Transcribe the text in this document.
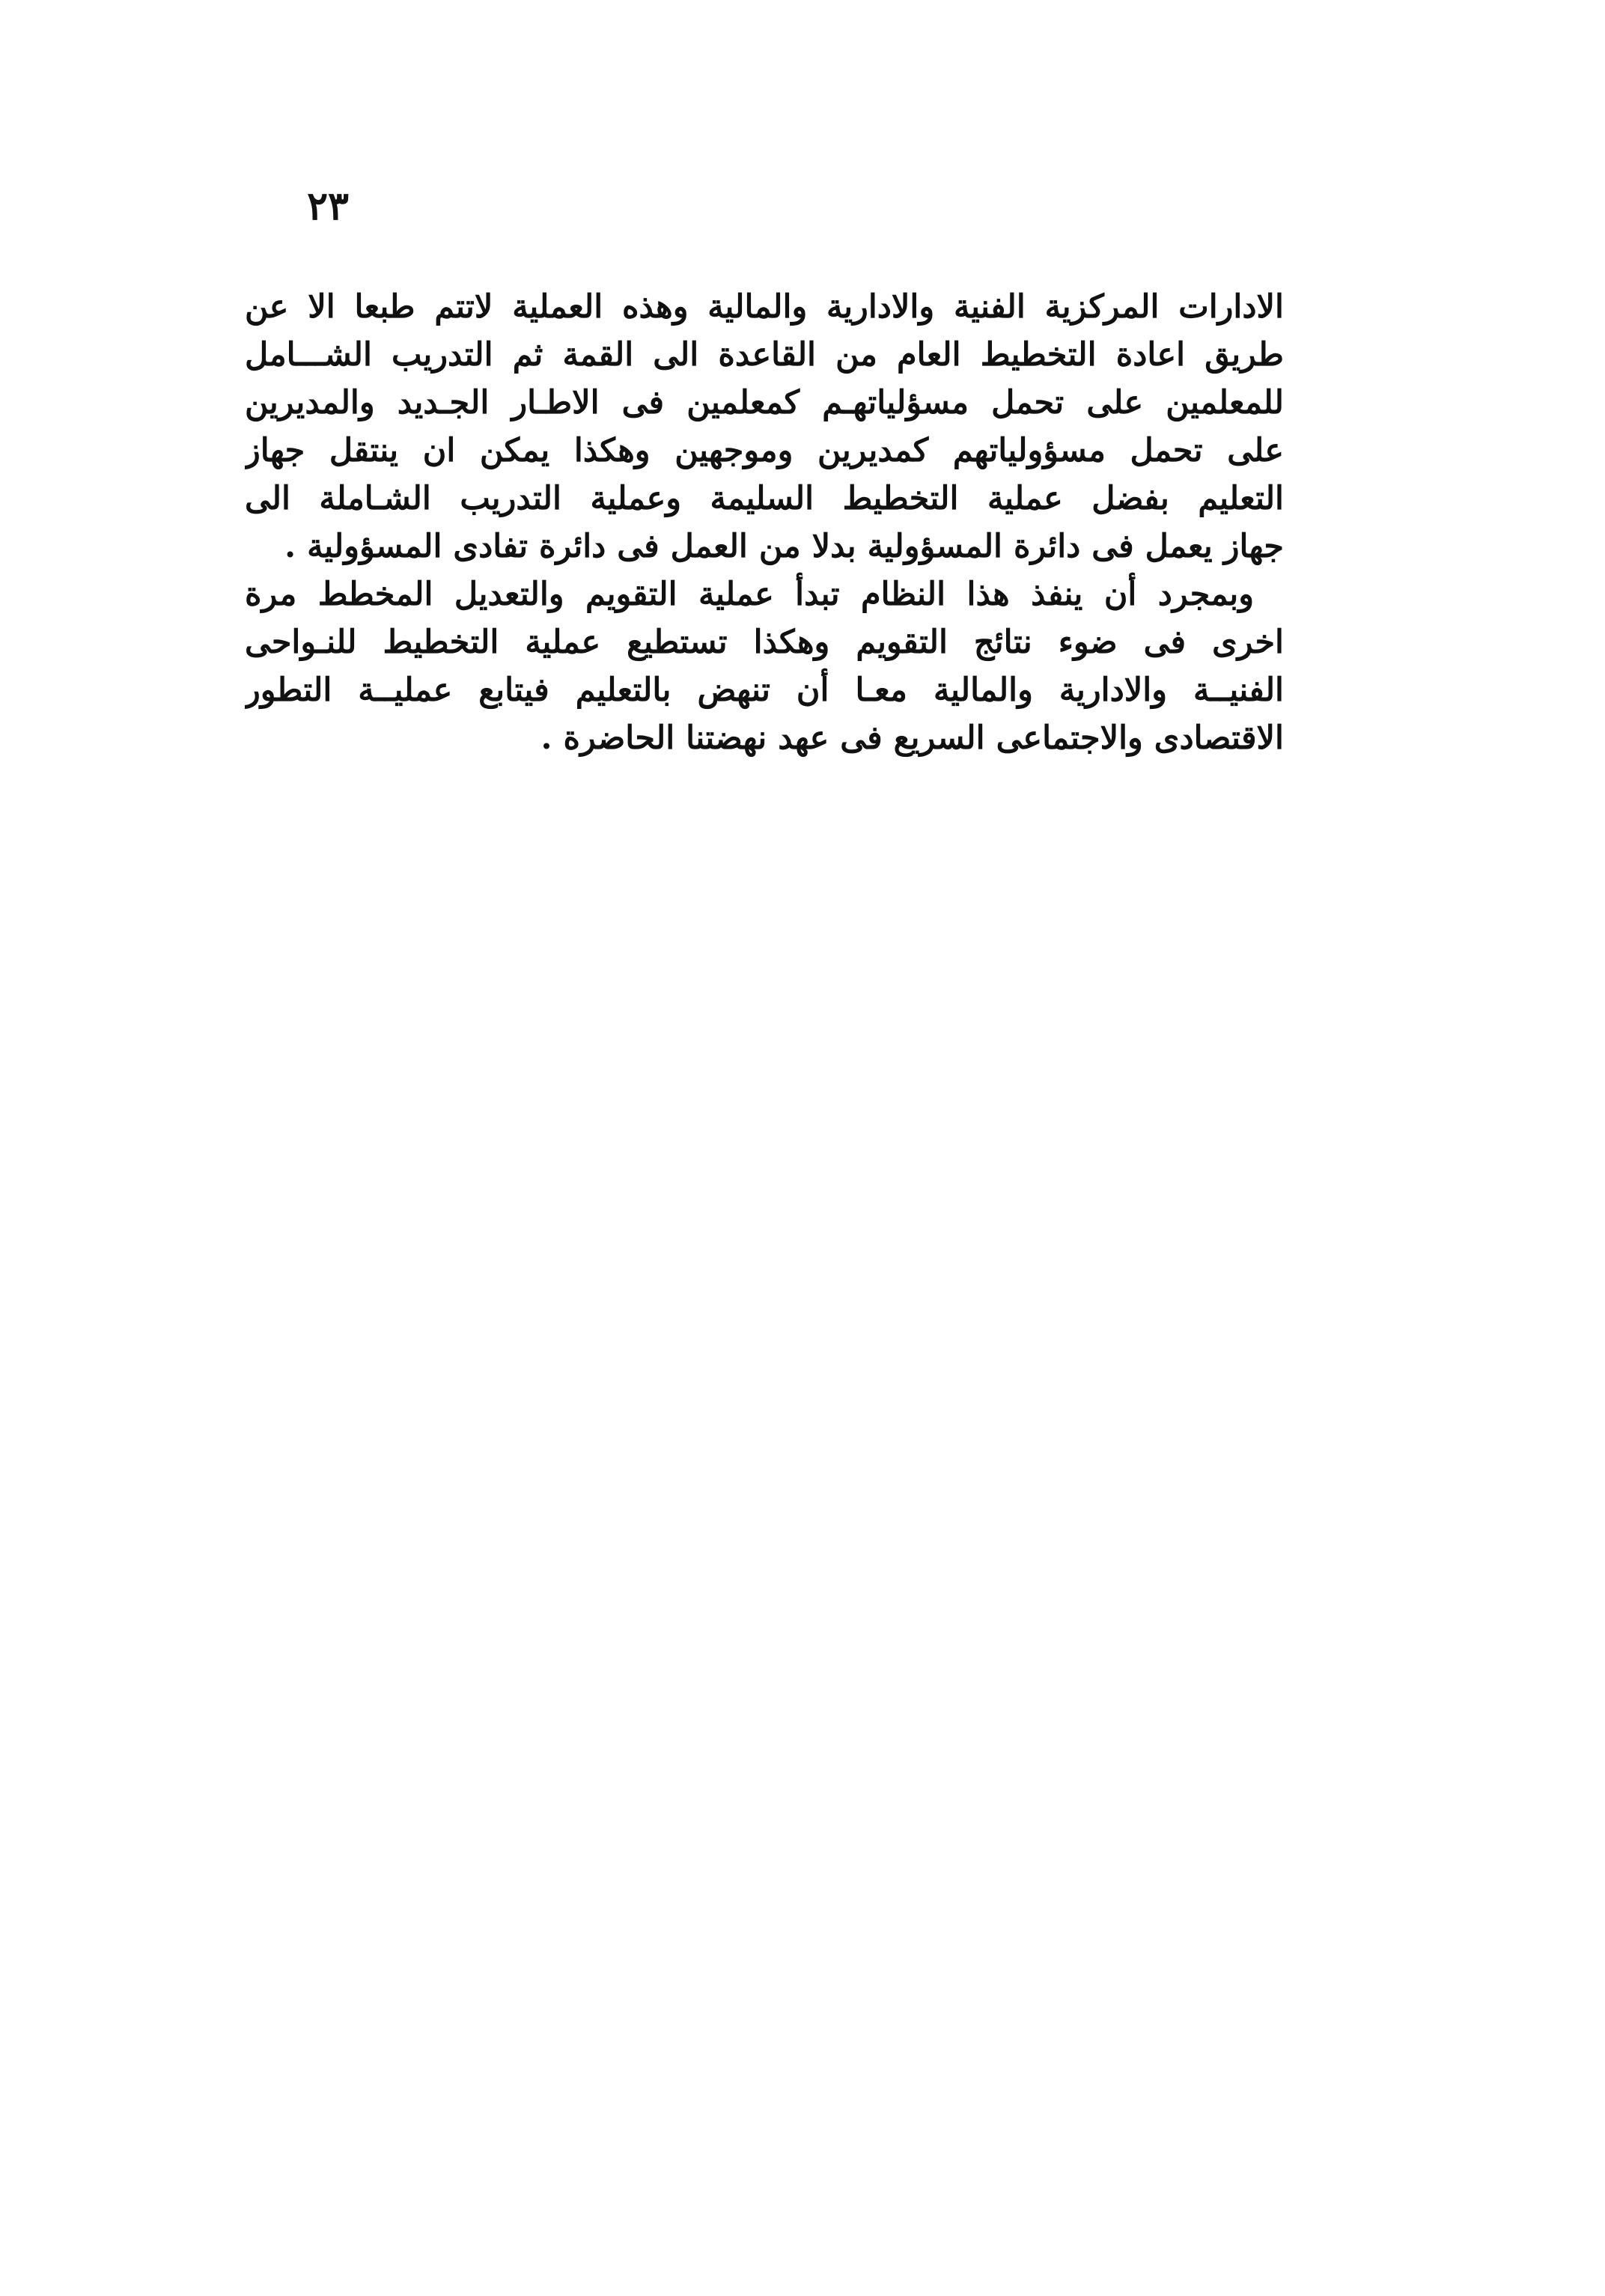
٢٣
الادارات المركزية الفنية والادارية والمالية وهذه العملية لاتتم طبعا الا عن
طريق اعادة التخطيط العام من القاعدة الى القمة ثم التدريب الشـــامل
للمعلمين على تحمل مسؤلياتهـم كمعلمين فى الاطـار الجـديد والمديرين
على تحمل مسؤولياتهم كمديرين وموجهين وهكذا يمكن ان ينتقل جهاز
التعليم بفضل عملية التخطيط السليمة وعملية التدريب الشـاملة الى
جهاز يعمل فى دائرة المسؤولية بدلا من العمل فى دائرة تفادى المسؤولية .
وبمجرد أن ينفذ هذا النظام تبدأ عملية التقويم والتعديل المخطط مرة
اخرى فى ضوء نتائج التقويم وهكذا تستطيع عملية التخطيط للنـواحى
الفنيــة والادارية والمالية معـا أن تنهض بالتعليم فيتابع عمليــة التطور
الاقتصادى والاجتماعى السريع فى عهد نهضتنا الحاضرة .
